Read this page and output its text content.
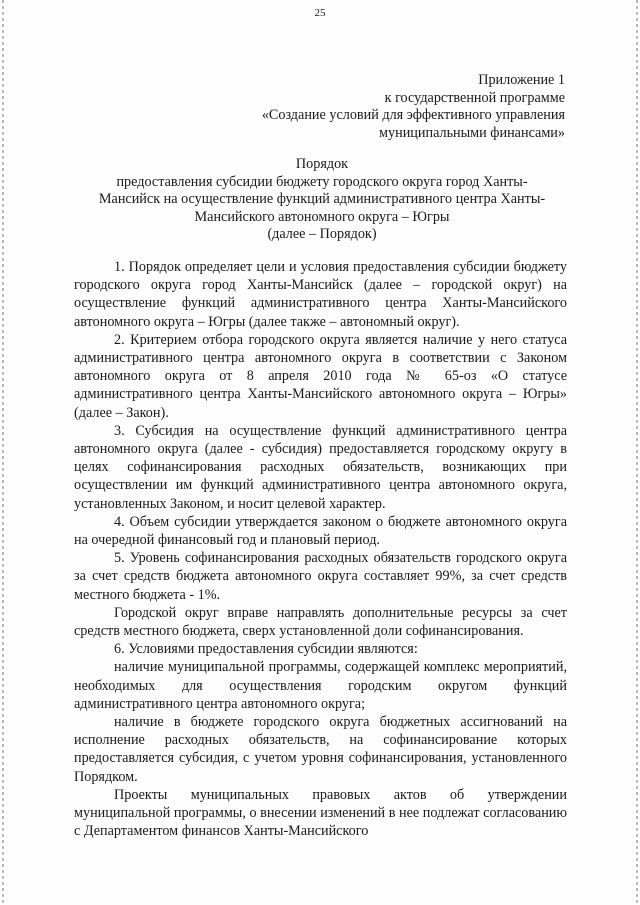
25
Приложение 1
к государственной программе
«Создание условий для эффективного управления
муниципальными финансами»
Порядок
предоставления субсидии бюджету городского округа город Ханты-
Мансийск на осуществление функций административного центра Ханты-
Мансийского автономного округа – Югры
(далее – Порядок)

1. Порядок определяет цели и условия предоставления субсидии бюджету городского округа город Ханты-Мансийск (далее – городской округ) на осуществление функций административного центра Ханты-Мансийского автономного округа – Югры (далее также – автономный округ).

2. Критерием отбора городского округа является наличие у него статуса административного центра автономного округа в соответствии с Законом автономного округа от 8 апреля 2010 года № 65-оз «О статусе административного центра Ханты-Мансийского автономного округа – Югры» (далее – Закон).

3. Субсидия на осуществление функций административного центра автономного округа (далее - субсидия) предоставляется городскому округу в целях софинансирования расходных обязательств, возникающих при осуществлении им функций административного центра автономного округа, установленных Законом, и носит целевой характер.

4. Объем субсидии утверждается законом о бюджете автономного округа на очередной финансовый год и плановый период.

5. Уровень софинансирования расходных обязательств городского округа за счет средств бюджета автономного округа составляет 99%, за счет средств местного бюджета - 1%.

Городской округ вправе направлять дополнительные ресурсы за счет средств местного бюджета, сверх установленной доли софинансирования.

6. Условиями предоставления субсидии являются:

наличие муниципальной программы, содержащей комплекс мероприятий, необходимых для осуществления городским округом функций административного центра автономного округа;

наличие в бюджете городского округа бюджетных ассигнований на исполнение расходных обязательств, на софинансирование которых предоставляется субсидия, с учетом уровня софинансирования, установленного Порядком.

Проекты муниципальных правовых актов об утверждении муниципальной программы, о внесении изменений в нее подлежат согласованию с Департаментом финансов Ханты-Мансийского
